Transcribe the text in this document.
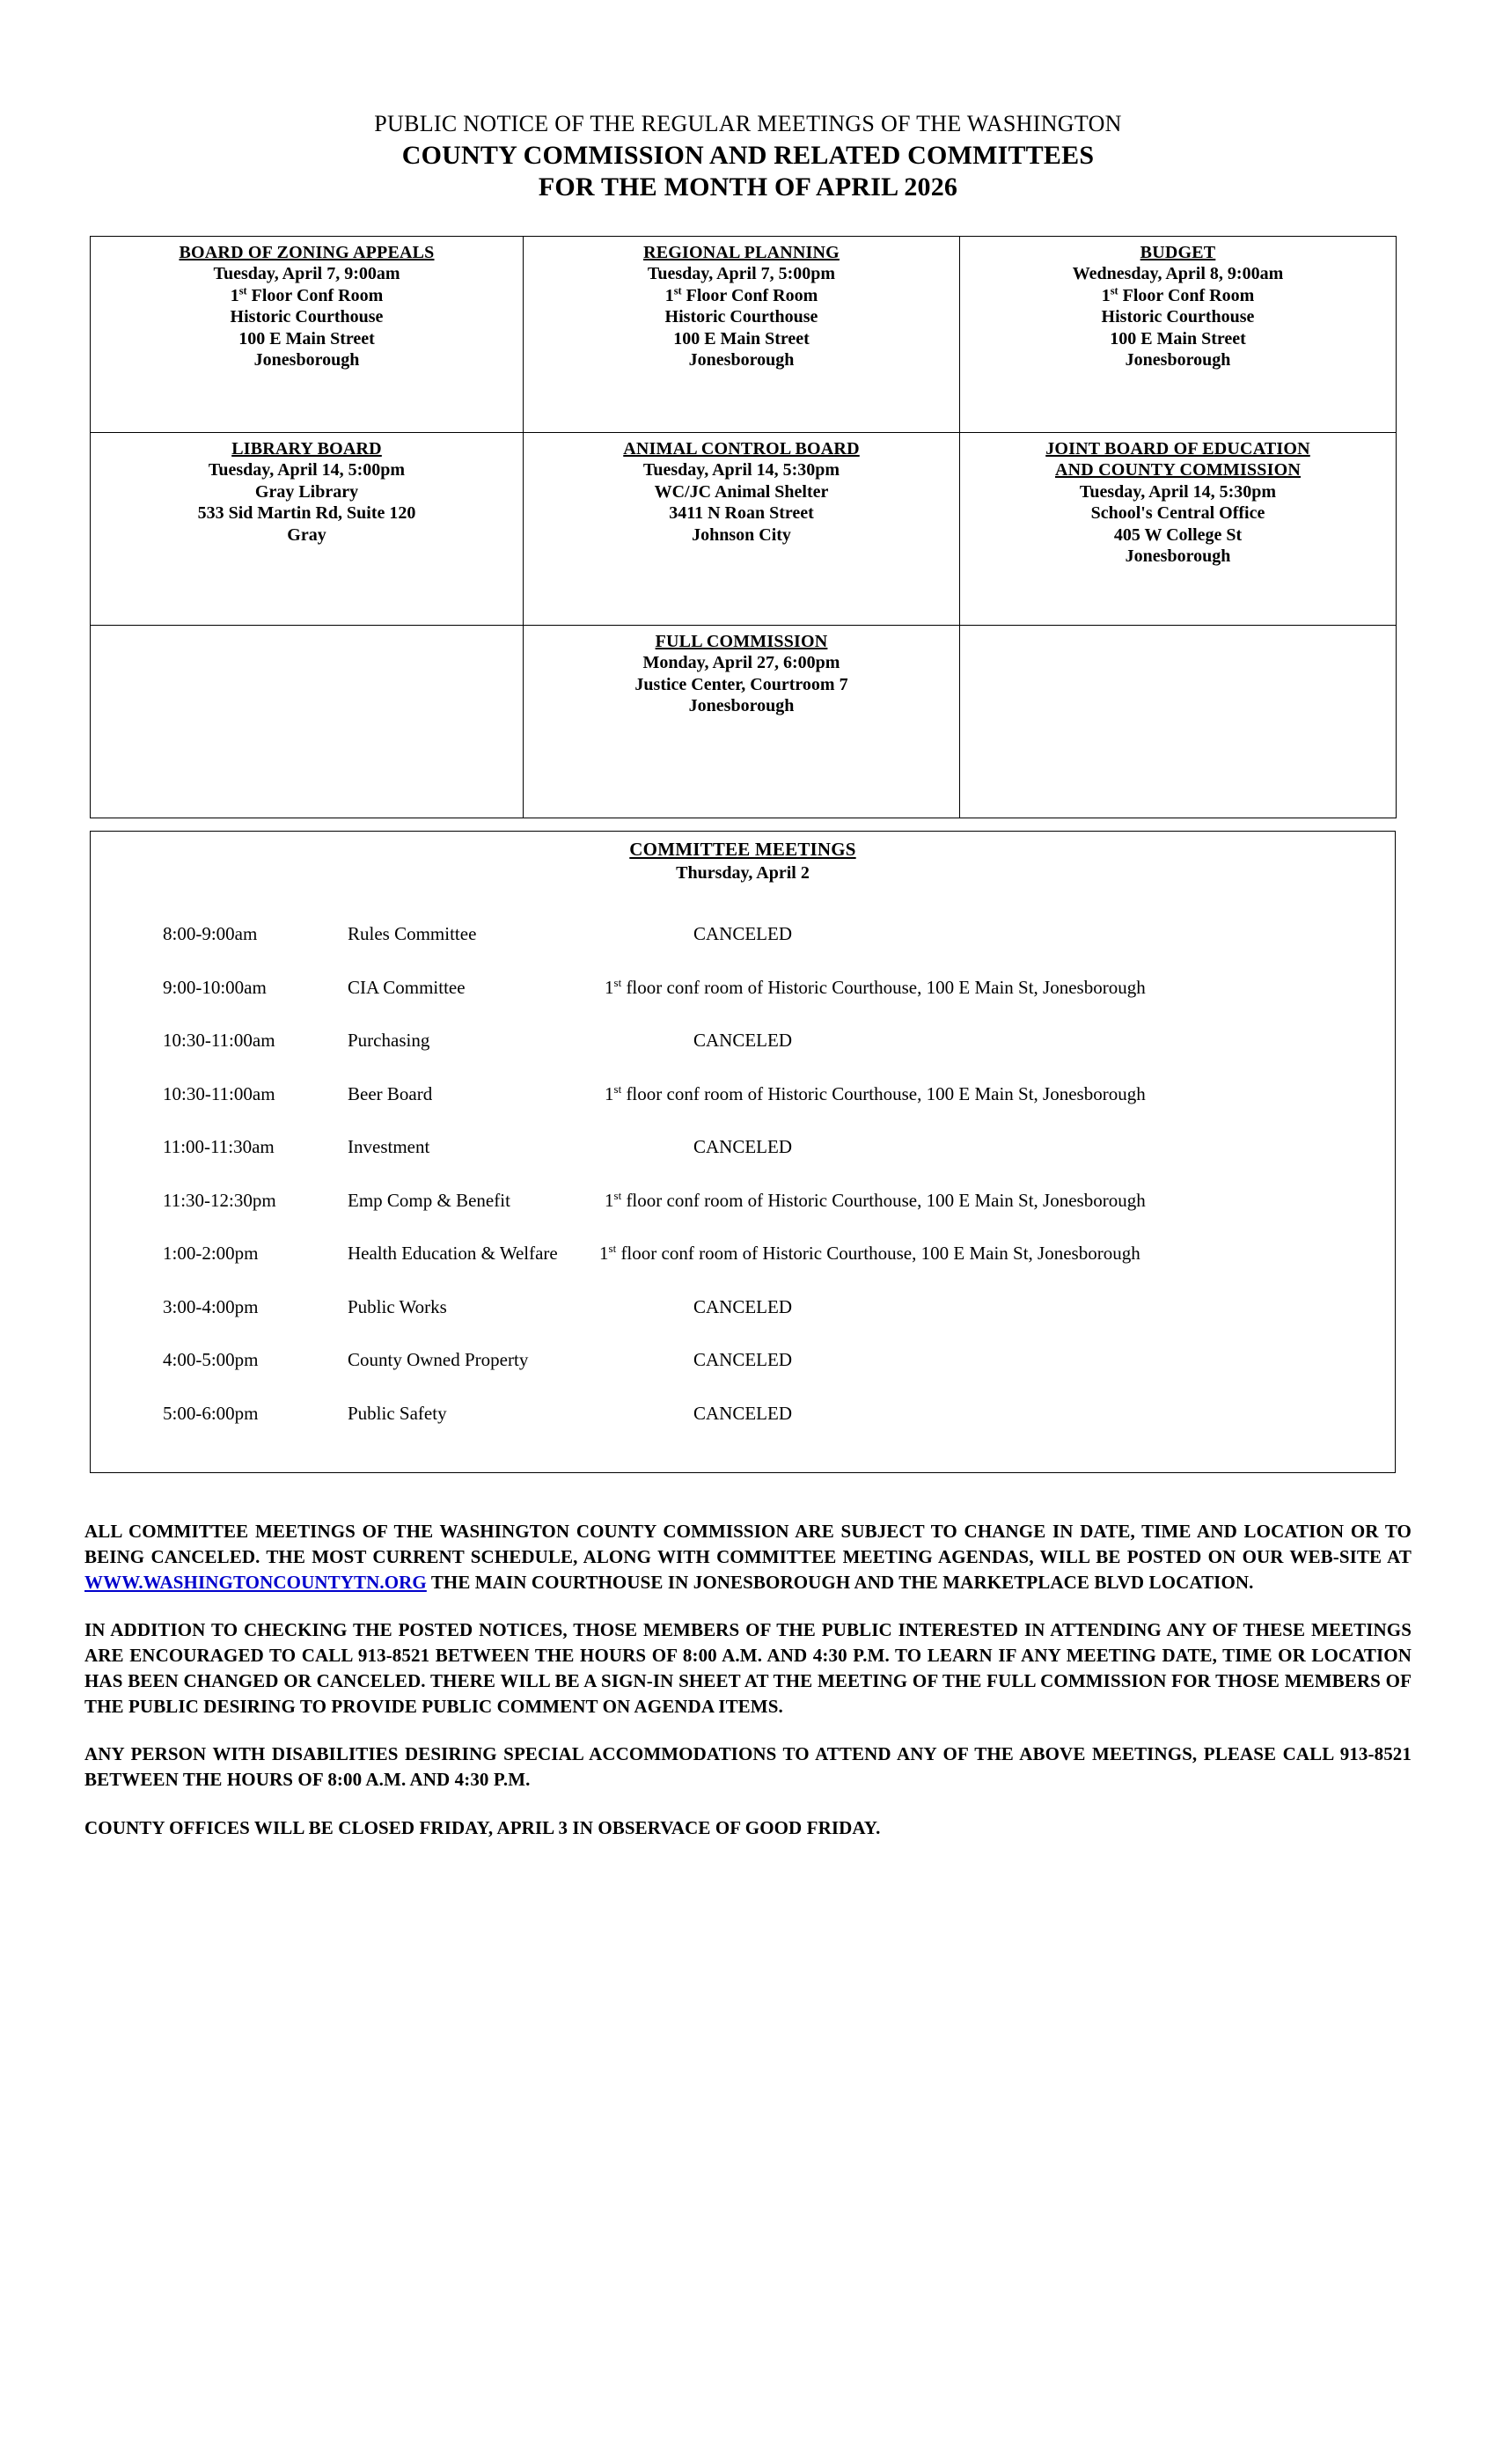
PUBLIC NOTICE OF THE REGULAR MEETINGS OF THE WASHINGTON
COUNTY COMMISSION AND RELATED COMMITTEES
FOR THE MONTH OF APRIL 2026
BOARD OF ZONING APPEALS
Tuesday, April 7, 9:00am
1st Floor Conf Room
Historic Courthouse
100 E Main Street
Jonesborough

REGIONAL PLANNING
Tuesday, April 7, 5:00pm
1st Floor Conf Room
Historic Courthouse
100 E Main Street
Jonesborough

BUDGET
Wednesday, April 8, 9:00am
1st Floor Conf Room
Historic Courthouse
100 E Main Street
Jonesborough

LIBRARY BOARD
Tuesday, April 14, 5:00pm
Gray Library
533 Sid Martin Rd, Suite 120
Gray

ANIMAL CONTROL BOARD
Tuesday, April 14, 5:30pm
WC/JC Animal Shelter
3411 N Roan Street
Johnson City

JOINT BOARD OF EDUCATION
AND COUNTY COMMISSION
Tuesday, April 14, 5:30pm
School's Central Office
405 W College St
Jonesborough

	FULL COMMISSION
Monday, April 27, 6:00pm
Justice Center, Courtroom 7
Jonesborough	

COMMITTEE MEETINGS
Thursday, April 2
8:00-9:00am	Rules Committee	CANCELED
9:00-10:00am	CIA Committee	1st floor conf room of Historic Courthouse, 100 E Main St, Jonesborough
10:30-11:00am	Purchasing	CANCELED
10:30-11:00am	Beer Board	1st floor conf room of Historic Courthouse, 100 E Main St, Jonesborough
11:00-11:30am	Investment	CANCELED
11:30-12:30pm	Emp Comp & Benefit	1st floor conf room of Historic Courthouse, 100 E Main St, Jonesborough
1:00-2:00pm	Health Education & Welfare	1st floor conf room of Historic Courthouse, 100 E Main St, Jonesborough
3:00-4:00pm	Public Works	CANCELED
4:00-5:00pm	County Owned Property	CANCELED
5:00-6:00pm	Public Safety	CANCELED

ALL COMMITTEE MEETINGS OF THE WASHINGTON COUNTY COMMISSION ARE SUBJECT TO CHANGE IN DATE, TIME AND LOCATION OR TO BEING CANCELED. THE MOST CURRENT SCHEDULE, ALONG WITH COMMITTEE MEETING AGENDAS, WILL BE POSTED ON OUR WEB-SITE AT WWW.WASHINGTONCOUNTYTN.ORG THE MAIN COURTHOUSE IN JONESBOROUGH AND THE MARKETPLACE BLVD LOCATION.

IN ADDITION TO CHECKING THE POSTED NOTICES, THOSE MEMBERS OF THE PUBLIC INTERESTED IN ATTENDING ANY OF THESE MEETINGS ARE ENCOURAGED TO CALL 913-8521 BETWEEN THE HOURS OF 8:00 A.M. AND 4:30 P.M. TO LEARN IF ANY MEETING DATE, TIME OR LOCATION HAS BEEN CHANGED OR CANCELED. THERE WILL BE A SIGN-IN SHEET AT THE MEETING OF THE FULL COMMISSION FOR THOSE MEMBERS OF THE PUBLIC DESIRING TO PROVIDE PUBLIC COMMENT ON AGENDA ITEMS.

ANY PERSON WITH DISABILITIES DESIRING SPECIAL ACCOMMODATIONS TO ATTEND ANY OF THE ABOVE MEETINGS, PLEASE CALL 913-8521 BETWEEN THE HOURS OF 8:00 A.M. AND 4:30 P.M.

COUNTY OFFICES WILL BE CLOSED FRIDAY, APRIL 3 IN OBSERVACE OF GOOD FRIDAY.
